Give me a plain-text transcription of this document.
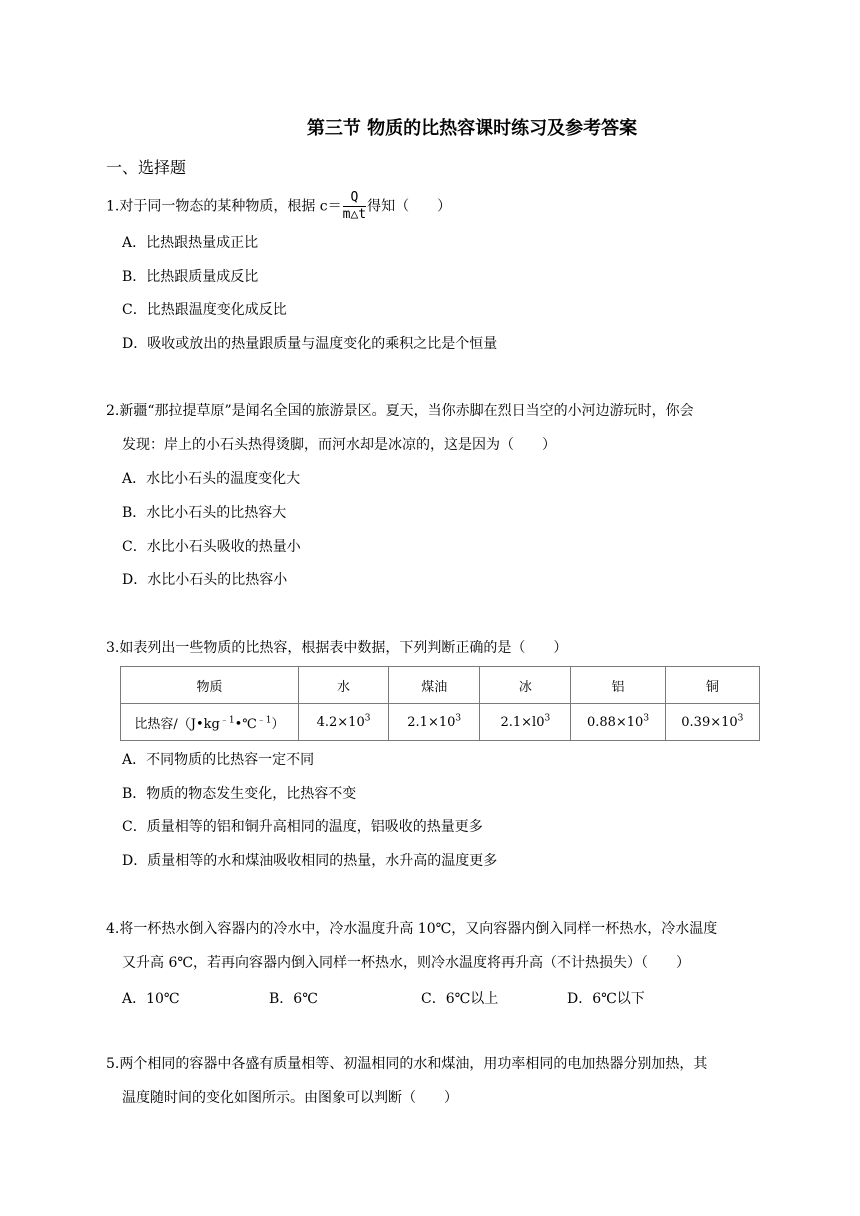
第三节 物质的比热容课时练习及参考答案
一、选择题
1.对于同一物态的某种物质，根据 $c= \frac{Q}{m\triangle t}$ 得知（　　）
A．比热跟热量成正比
B．比热跟质量成反比
C．比热跟温度变化成反比
D．吸收或放出的热量跟质量与温度变化的乘积之比是个恒量
2.新疆“那拉提草原”是闻名全国的旅游景区。夏天，当你赤脚在烈日当空的小河边游玩时，你会
发现：岸上的小石头热得烫脚，而河水却是冰凉的，这是因为（　　）
A．水比小石头的温度变化大
B．水比小石头的比热容大
C．水比小石头吸收的热量小
D．水比小石头的比热容小
3.如表列出一些物质的比热容，根据表中数据，下列判断正确的是（　　）
物质	水	煤油	冰	铝	铜
比热容$/(J•kg^{﹣1}•℃^{﹣1})$	$4.2\times 10^3$	$2.1\times 10^3$	$2.1\times l0^3$	$0.88\times 10^3$	$0.39\times 10^3$
A．不同物质的比热容一定不同
B．物质的物态发生变化，比热容不变
C．质量相等的铝和铜升高相同的温度，铝吸收的热量更多
D．质量相等的水和煤油吸收相同的热量，水升高的温度更多
4.将一杯热水倒入容器内的冷水中，冷水温度升高 10℃，又向容器内倒入同样一杯热水，冷水温度
又升高 6℃，若再向容器内倒入同样一杯热水，则冷水温度将再升高（不计热损失）（　　）
A．10℃	B．6℃	C．6℃以上	D．6℃以下
5.两个相同的容器中各盛有质量相等、初温相同的水和煤油，用功率相同的电加热器分别加热，其
温度随时间的变化如图所示。由图象可以判断（　　）
